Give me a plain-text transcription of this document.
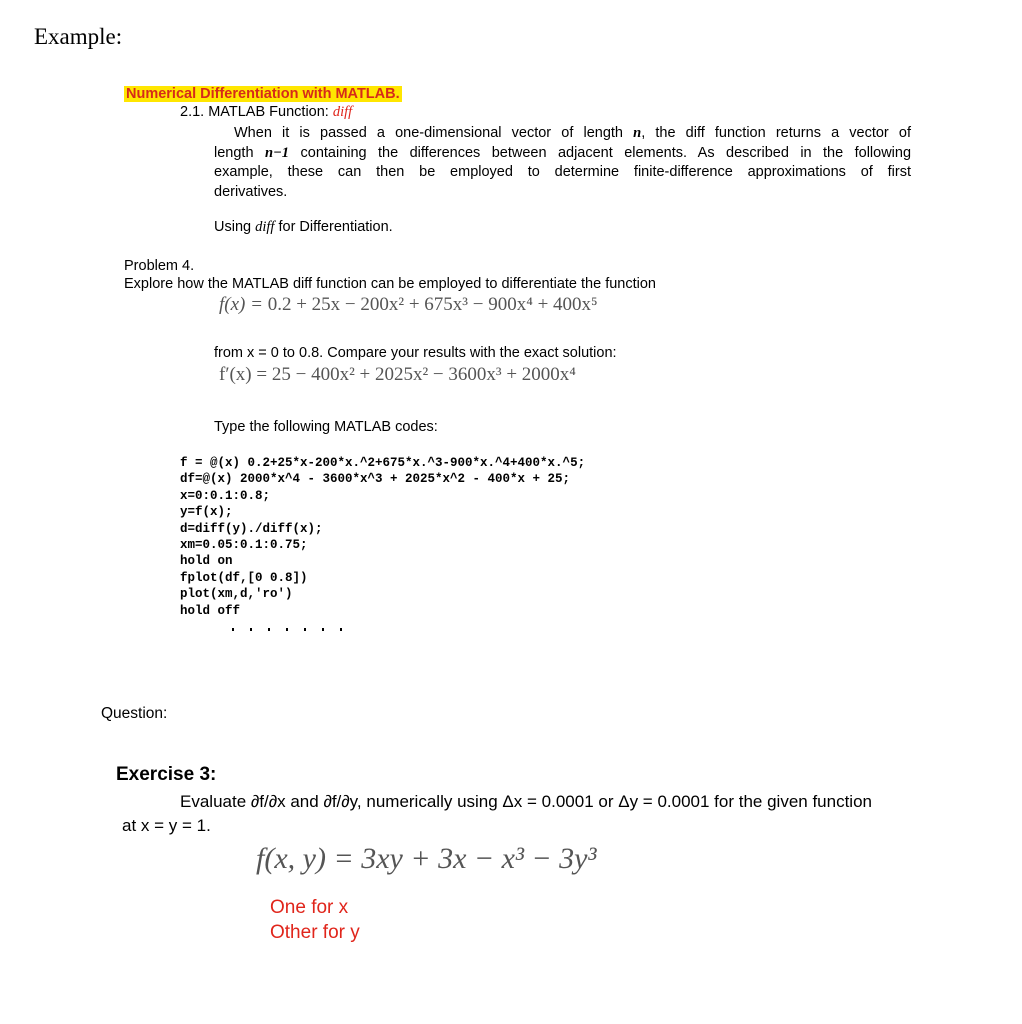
Example:
Numerical Differentiation with MATLAB.
2.1. MATLAB Function: diff
When it is passed a one-dimensional vector of length n, the diff function returns a vector of
length n−1 containing the differences between adjacent elements. As described in the following
example, these can then be employed to determine finite-difference approximations of first
derivatives.
Using diff for Differentiation.
Problem 4.
Explore how the MATLAB diff function can be employed to differentiate the function
f(x) = 0.2 + 25x − 200x² + 675x³ − 900x⁴ + 400x⁵
from x = 0 to 0.8. Compare your results with the exact solution:
f′(x) = 25 − 400x² + 2025x² − 3600x³ + 2000x⁴
Type the following MATLAB codes:
f = @(x) 0.2+25*x-200*x.^2+675*x.^3-900*x.^4+400*x.^5;
df=@(x) 2000*x^4 - 3600*x^3 + 2025*x^2 - 400*x + 25;
x=0:0.1:0.8;
y=f(x);
d=diff(y)./diff(x);
xm=0.05:0.1:0.75;
hold on
fplot(df,[0 0.8])
plot(xm,d,'ro')
hold off
Question:
Exercise 3:
Evaluate ∂f/∂x and ∂f/∂y, numerically using Δx = 0.0001 or Δy = 0.0001 for the given function
at x = y = 1.
f(x, y) = 3xy + 3x − x³ − 3y³
One for x
Other for y
